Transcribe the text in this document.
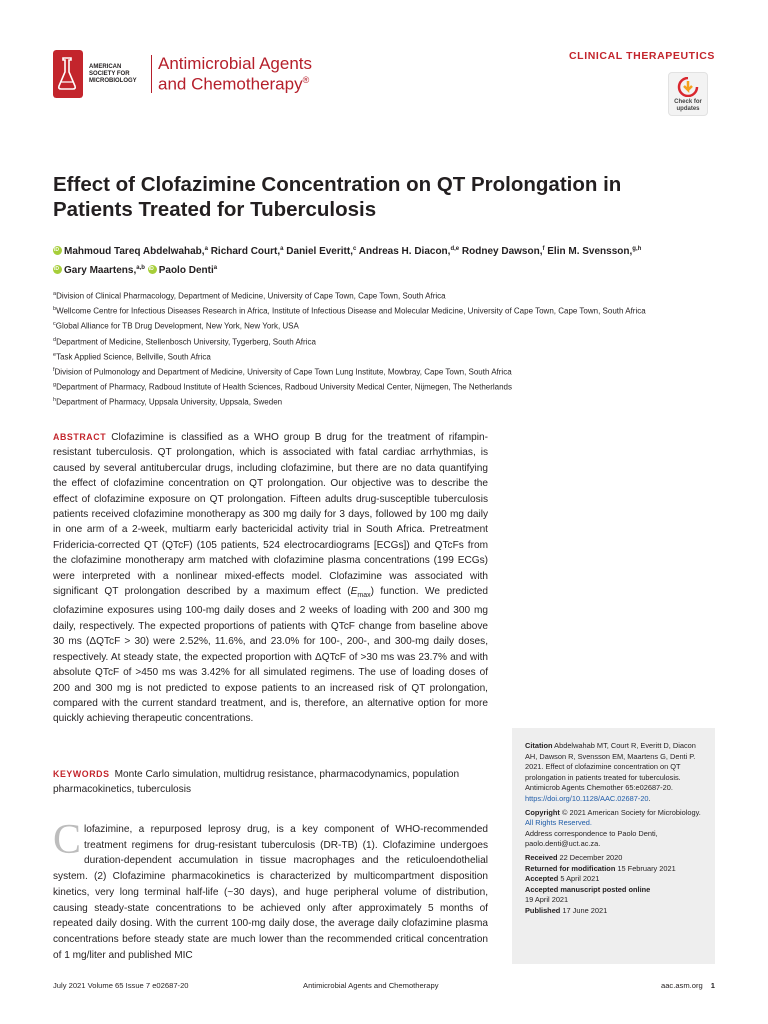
AMERICAN
SOCIETY FOR
MICROBIOLOGY
Antimicrobial Agents
and Chemotherapy®
CLINICAL THERAPEUTICS
Check for
updates
Effect of Clofazimine Concentration on QT Prolongation in Patients Treated for Tuberculosis
iDMahmoud Tareq Abdelwahab,$^a$ Richard Court,$^a$ Daniel Everitt,$^c$ Andreas H. Diacon,$^{d,e}$ Rodney Dawson,$^f$ Elin M. Svensson,$^{g,h}$
iDGary Maartens,$^{a,b}$ iD Paolo Denti$^a$
$^a$Division of Clinical Pharmacology, Department of Medicine, University of Cape Town, Cape Town, South Africa
$^b$Wellcome Centre for Infectious Diseases Research in Africa, Institute of Infectious Disease and Molecular Medicine, University of Cape Town, Cape Town, South Africa
$^c$Global Alliance for TB Drug Development, New York, New York, USA
$^d$Department of Medicine, Stellenbosch University, Tygerberg, South Africa
$^e$Task Applied Science, Bellville, South Africa
$^f$Division of Pulmonology and Department of Medicine, University of Cape Town Lung Institute, Mowbray, Cape Town, South Africa
$^g$Department of Pharmacy, Radboud Institute of Health Sciences, Radboud University Medical Center, Nijmegen, The Netherlands
$^h$Department of Pharmacy, Uppsala University, Uppsala, Sweden
ABSTRACT Clofazimine is classified as a WHO group B drug for the treatment of rifampin-resistant tuberculosis. QT prolongation, which is associated with fatal cardiac arrhythmias, is caused by several antitubercular drugs, including clofazimine, but there are no data quantifying the effect of clofazimine concentration on QT prolongation. Our objective was to describe the effect of clofazimine exposure on QT prolongation. Fifteen adults drug-susceptible tuberculosis patients received clofazimine monotherapy as 300 mg daily for 3 days, followed by 100 mg daily in one arm of a 2-week, multiarm early bactericidal activity trial in South Africa. Pretreatment Fridericia-corrected QT (QTcF) (105 patients, 524 electrocardiograms [ECGs]) and QTcFs from the clofazimine monotherapy arm matched with clofazimine plasma concentrations (199 ECGs) were interpreted with a nonlinear mixed-effects model. Clofazimine was associated with significant QT prolongation described by a maximum effect $(E_{max})$ function. We predicted clofazimine exposures using 100-mg daily doses and 2 weeks of loading with 200 and 300 mg daily, respectively. The expected proportions of patients with QTcF change from baseline above 30 ms (ΔQTcF > 30) were 2.52%, 11.6%, and 23.0% for 100-, 200-, and 300-mg daily doses, respectively. At steady state, the expected proportion with ΔQTcF of >30 ms was 23.7% and with absolute QTcF of >450 ms was 3.42% for all simulated regimens. The use of loading doses of 200 and 300 mg is not predicted to expose patients to an increased risk of QT prolongation, compared with the current standard treatment, and is, therefore, an alternative option for more quickly achieving therapeutic concentrations.
KEYWORDS Monte Carlo simulation, multidrug resistance, pharmacodynamics, population pharmacokinetics, tuberculosis
Clofazimine, a repurposed leprosy drug, is a key component of WHO-recommended treatment regimens for drug-resistant tuberculosis (DR-TB) (1). Clofazimine undergoes duration-dependent accumulation in tissue macrophages and the reticuloendothelial system. (2) Clofazimine pharmacokinetics is characterized by multicompartment disposition kinetics, very long terminal half-life (~30 days), and huge peripheral volume of distribution, causing steady-state concentrations to be achieved only after approximately 5 months of repeated daily dosing. With the current 100-mg daily dose, the average daily clofazimine plasma concentrations before steady state are much lower than the recommended critical concentration of 1 mg/liter and published MIC
Citation Abdelwahab MT, Court R, Everitt D, Diacon AH, Dawson R, Svensson EM, Maartens G, Denti P. 2021. Effect of clofazimine concentration on QT prolongation in patients treated for tuberculosis. Antimicrob Agents Chemother 65:e02687-20. https://doi.org/10.1128/AAC.02687-20.
Copyright © 2021 American Society for Microbiology. All Rights Reserved.
Address correspondence to Paolo Denti, paolo.denti@uct.ac.za.
Received 22 December 2020
Returned for modification 15 February 2021
Accepted 5 April 2021
Accepted manuscript posted online
19 April 2021
Published 17 June 2021
July 2021 Volume 65 Issue 7 e02687-20	Antimicrobial Agents and Chemotherapy	aac.asm.org 1
